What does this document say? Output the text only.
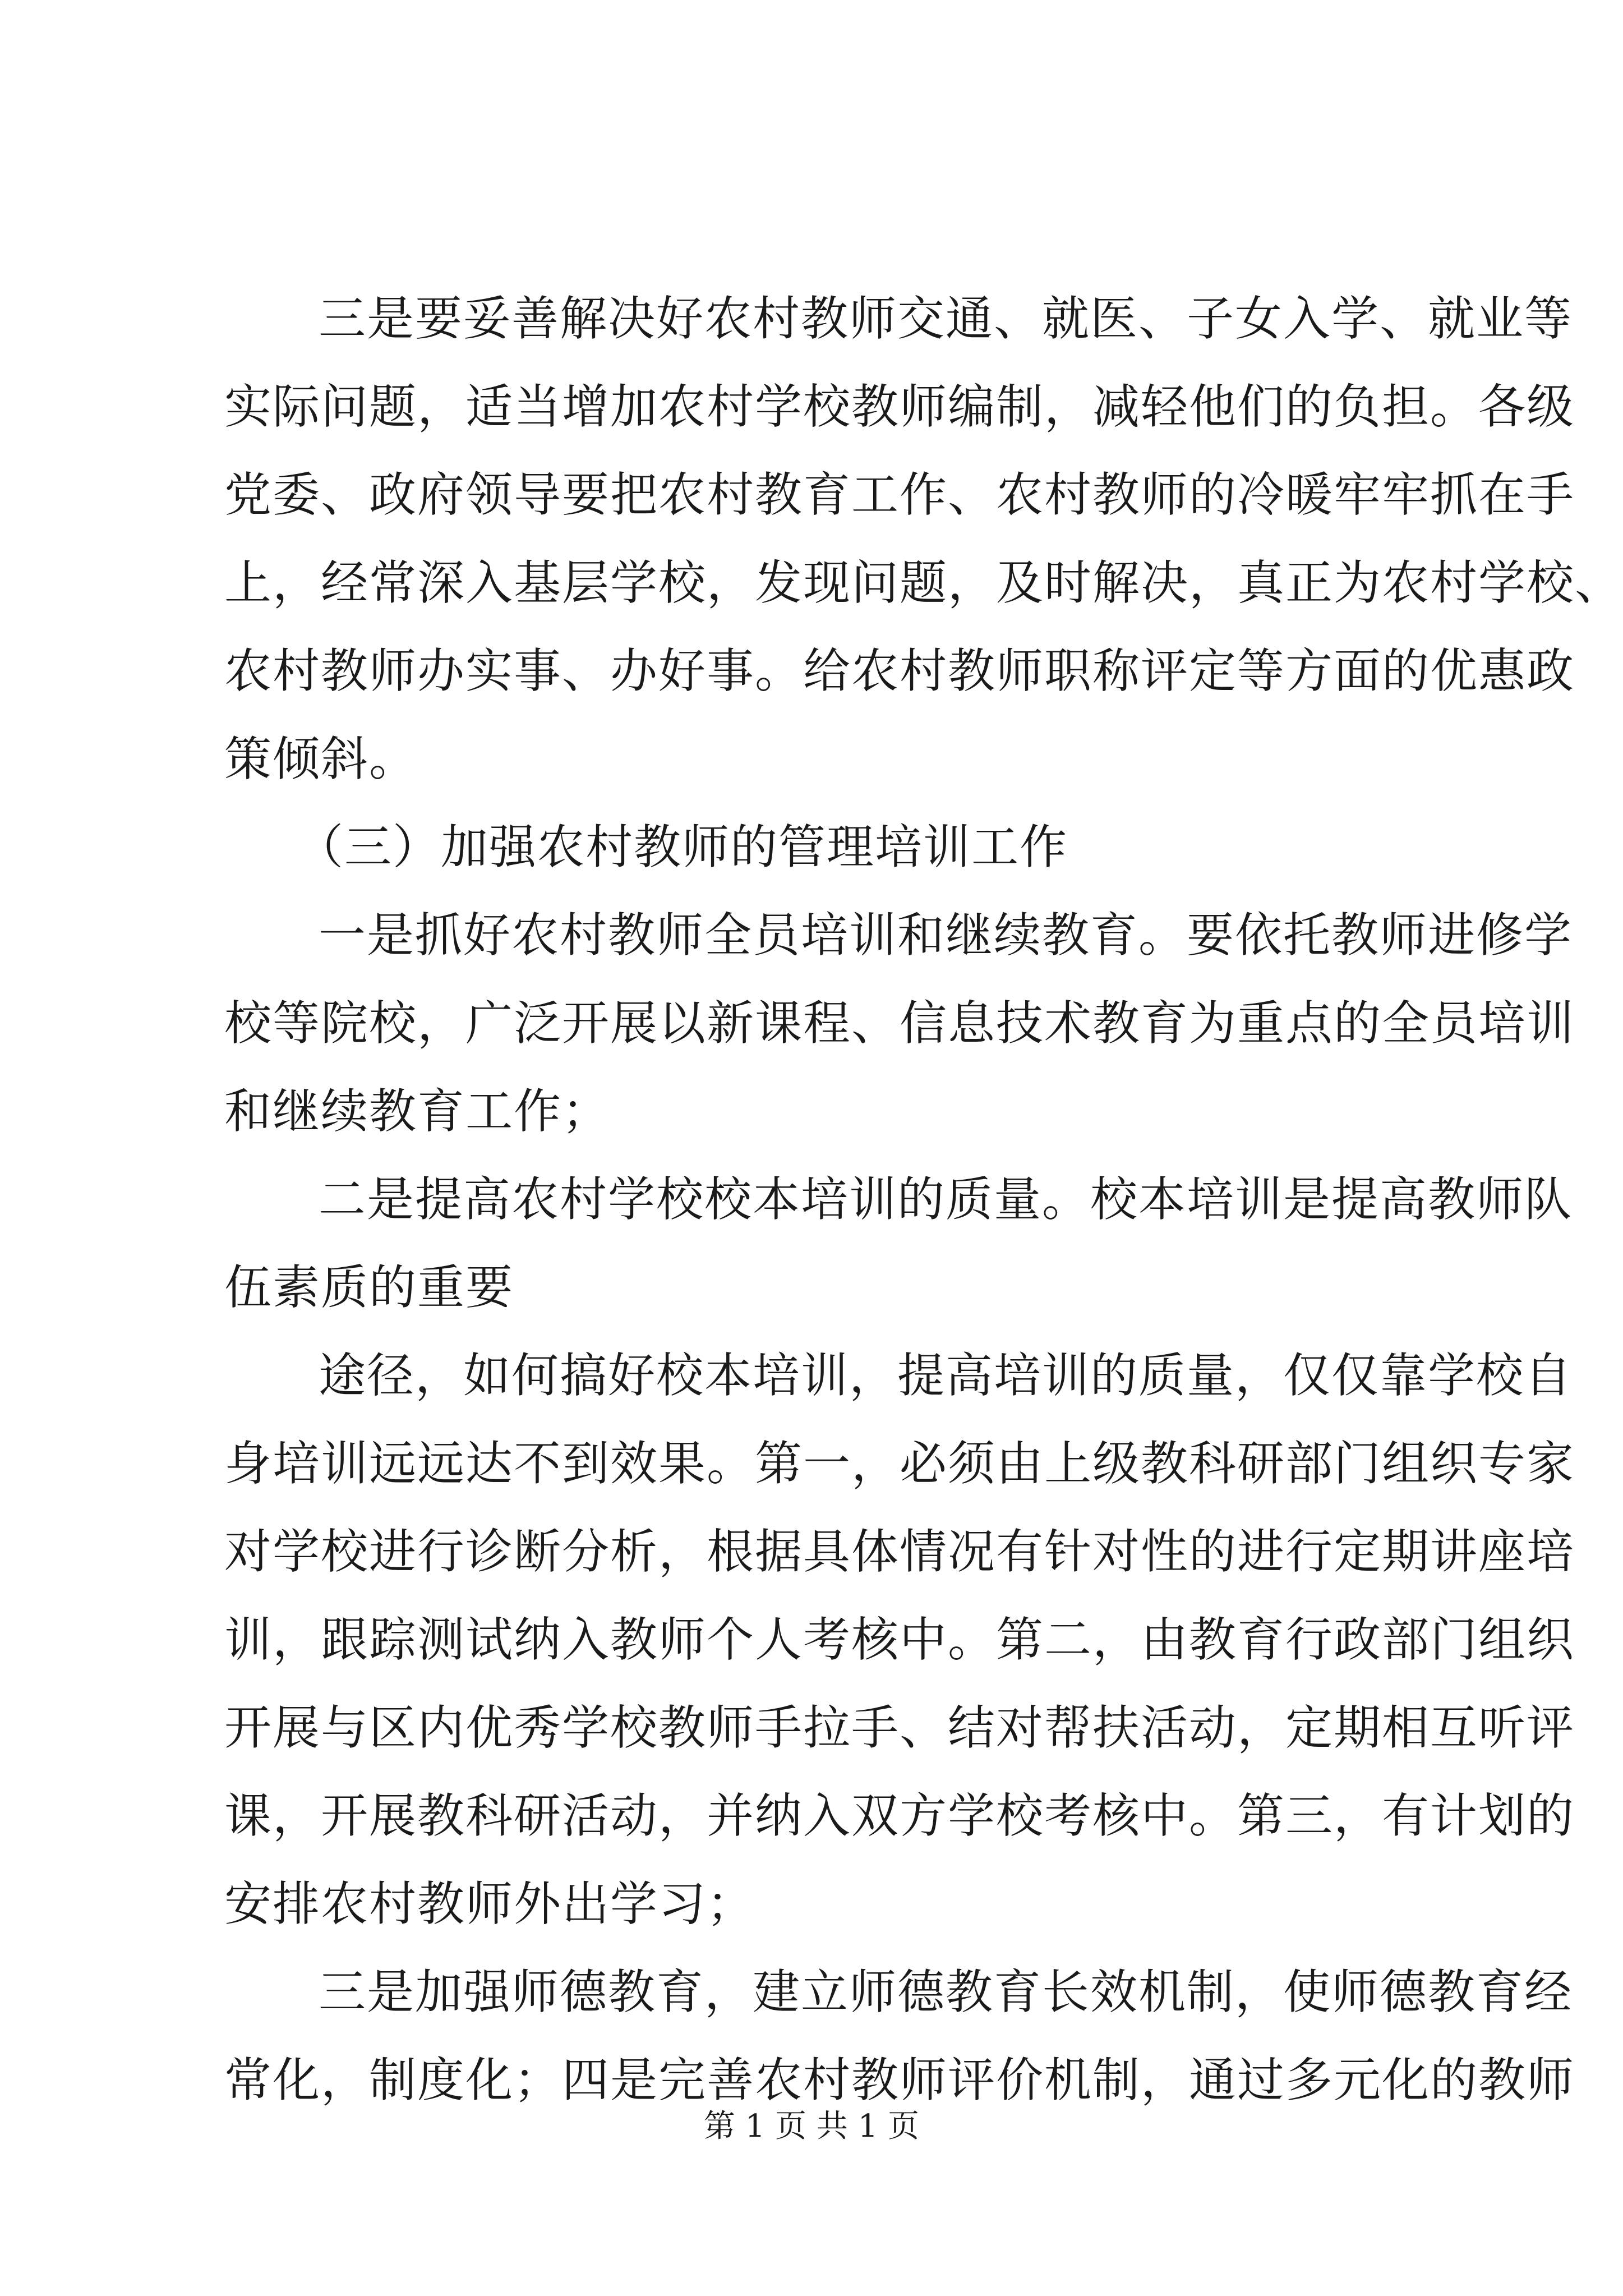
三是要妥善解决好农村教师交通、就医、子女入学、就业等
实际问题，适当增加农村学校教师编制，减轻他们的负担。各级
党委、政府领导要把农村教育工作、农村教师的冷暖牢牢抓在手
上，经常深入基层学校，发现问题，及时解决，真正为农村学校、
农村教师办实事、办好事。给农村教师职称评定等方面的优惠政
策倾斜。
（三）加强农村教师的管理培训工作
一是抓好农村教师全员培训和继续教育。要依托教师进修学
校等院校，广泛开展以新课程、信息技术教育为重点的全员培训
和继续教育工作；
二是提高农村学校校本培训的质量。校本培训是提高教师队
伍素质的重要
途径，如何搞好校本培训，提高培训的质量，仅仅靠学校自
身培训远远达不到效果。第一，必须由上级教科研部门组织专家
对学校进行诊断分析，根据具体情况有针对性的进行定期讲座培
训，跟踪测试纳入教师个人考核中。第二，由教育行政部门组织
开展与区内优秀学校教师手拉手、结对帮扶活动，定期相互听评
课，开展教科研活动，并纳入双方学校考核中。第三，有计划的
安排农村教师外出学习；
三是加强师德教育，建立师德教育长效机制，使师德教育经
常化，制度化；四是完善农村教师评价机制，通过多元化的教师
第 1 页 共 1 页
